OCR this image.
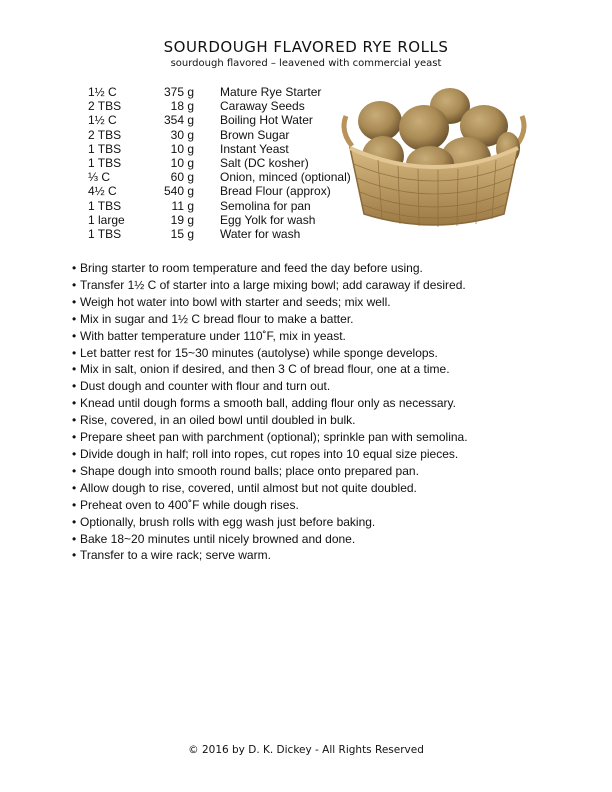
SOURDOUGH FLAVORED RYE ROLLS
sourdough flavored – leavened with commercial yeast
1½ C	375 g	Mature Rye Starter
2 TBS	18 g	Caraway Seeds
1½ C	354 g	Boiling Hot Water
2 TBS	30 g	Brown Sugar
1 TBS	10 g	Instant Yeast
1 TBS	10 g	Salt (DC kosher)
⅓ C	60 g	Onion, minced (optional)
4½ C	540 g	Bread Flour (approx)
1 TBS	11 g	Semolina for pan
1 large	19 g	Egg Yolk for wash
1 TBS	15 g	Water for wash
• Bring starter to room temperature and feed the day before using.
• Transfer 1½ C of starter into a large mixing bowl; add caraway if desired.
• Weigh hot water into bowl with starter and seeds; mix well.
• Mix in sugar and 1½ C bread flour to make a batter.
• With batter temperature under 110˚F, mix in yeast.
• Let batter rest for 15~30 minutes (autolyse) while sponge develops.
• Mix in salt, onion if desired, and then 3 C of bread flour, one at a time.
• Dust dough and counter with flour and turn out.
• Knead until dough forms a smooth ball, adding flour only as necessary.
• Rise, covered, in an oiled bowl until doubled in bulk.
• Prepare sheet pan with parchment (optional); sprinkle pan with semolina.
• Divide dough in half; roll into ropes, cut ropes into 10 equal size pieces.
• Shape dough into smooth round balls; place onto prepared pan.
• Allow dough to rise, covered, until almost but not quite doubled.
• Preheat oven to 400˚F while dough rises.
• Optionally, brush rolls with egg wash just before baking.
• Bake 18~20 minutes until nicely browned and done.
• Transfer to a wire rack; serve warm.
© 2016 by D. K. Dickey - All Rights Reserved
